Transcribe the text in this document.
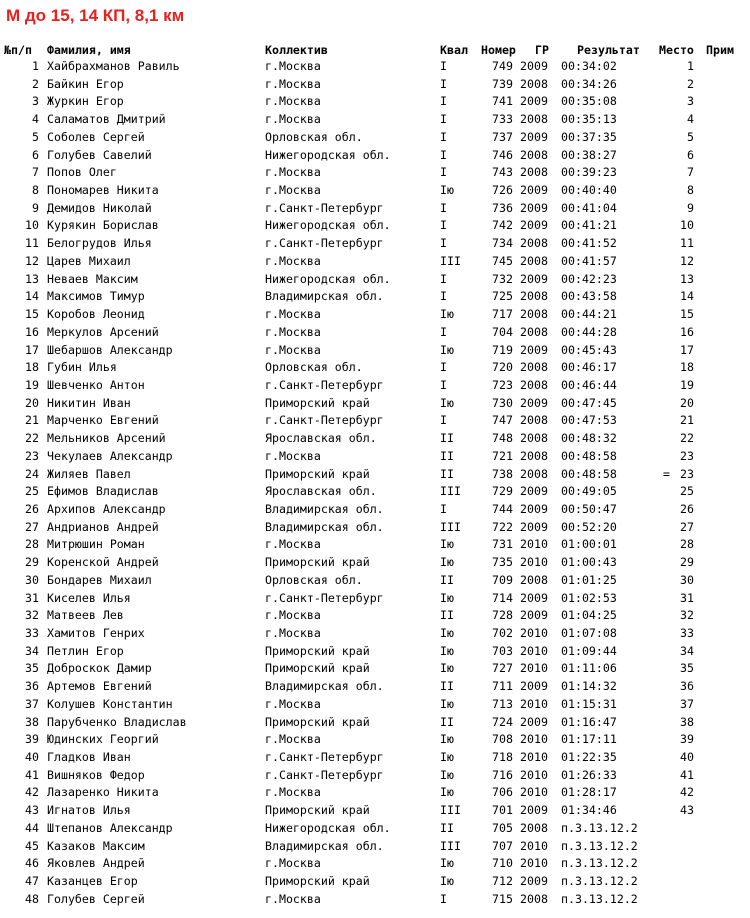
М до 15, 14 КП, 8,1 км
№п/п Фамилия, имя	Коллектив	Квал Номер ГР Результат Место Прим
1 Хайбрахманов Равиль	г.Москва	I	749 2009 00:34:02	1
2 Байкин Егор	г.Москва	I	739 2008 00:34:26	2
3 Журкин Егор	г.Москва	I	741 2009 00:35:08	3
4 Саламатов Дмитрий	г.Москва	I	733 2008 00:35:13	4
5 Соболев Сергей	Орловская обл.	I	737 2009 00:37:35	5
6 Голубев Савелий	Нижегородская обл.	I	746 2008 00:38:27	6
7 Попов Олег	г.Москва	I	743 2008 00:39:23	7
8 Пономарев Никита	г.Москва	Iю	726 2009 00:40:40	8
9 Демидов Николай	г.Санкт-Петербург	I	736 2009 00:41:04	9
10 Курякин Борислав	Нижегородская обл.	I	742 2009 00:41:21	10
11 Белогрудов Илья	г.Санкт-Петербург	I	734 2008 00:41:52	11
12 Царев Михаил	г.Москва	III	745 2008 00:41:57	12
13 Неваев Максим	Нижегородская обл.	I	732 2009 00:42:23	13
14 Максимов Тимур	Владимирская обл.	I	725 2008 00:43:58	14
15 Коробов Леонид	г.Москва	Iю	717 2008 00:44:21	15
16 Меркулов Арсений	г.Москва	I	704 2008 00:44:28	16
17 Шебаршов Александр	г.Москва	Iю	719 2009 00:45:43	17
18 Губин Илья	Орловская обл.	I	720 2008 00:46:17	18
19 Шевченко Антон	г.Санкт-Петербург	I	723 2008 00:46:44	19
20 Никитин Иван	Приморский край	Iю	730 2009 00:47:45	20
21 Марченко Евгений	г.Санкт-Петербург	I	747 2008 00:47:53	21
22 Мельников Арсений	Ярославская обл.	II	748 2008 00:48:32	22
23 Чекулаев Александр	г.Москва	II	721 2008 00:48:58	23
24 Жиляев Павел	Приморский край	II	738 2008 00:48:58	= 23
25 Ефимов Владислав	Ярославская обл.	III	729 2009 00:49:05	25
26 Архипов Александр	Владимирская обл.	I	744 2009 00:50:47	26
27 Андрианов Андрей	Владимирская обл.	III	722 2009 00:52:20	27
28 Митрюшин Роман	г.Москва	Iю	731 2010 01:00:01	28
29 Коренской Андрей	Приморский край	Iю	735 2010 01:00:43	29
30 Бондарев Михаил	Орловская обл.	II	709 2008 01:01:25	30
31 Киселев Илья	г.Санкт-Петербург	Iю	714 2009 01:02:53	31
32 Матвеев Лев	г.Москва	II	728 2009 01:04:25	32
33 Хамитов Генрих	г.Москва	Iю	702 2010 01:07:08	33
34 Петлин Егор	Приморский край	Iю	703 2010 01:09:44	34
35 Доброскок Дамир	Приморский край	Iю	727 2010 01:11:06	35
36 Артемов Евгений	Владимирская обл.	II	711 2009 01:14:32	36
37 Колушев Константин	г.Москва	Iю	713 2010 01:15:31	37
38 Парубченко Владислав	Приморский край	II	724 2009 01:16:47	38
39 Юдинских Георгий	г.Москва	Iю	708 2010 01:17:11	39
40 Гладков Иван	г.Санкт-Петербург	Iю	718 2010 01:22:35	40
41 Вишняков Федор	г.Санкт-Петербург	Iю	716 2010 01:26:33	41
42 Лазаренко Никита	г.Москва	Iю	706 2010 01:28:17	42
43 Игнатов Илья	Приморский край	III	701 2009 01:34:46	43
44 Штепанов Александр	Нижегородская обл.	II	705 2008 п.3.13.12.2
45 Казаков Максим	Владимирская обл.	III	707 2010 п.3.13.12.2
46 Яковлев Андрей	г.Москва	Iю	710 2010 п.3.13.12.2
47 Казанцев Егор	Приморский край	Iю	712 2009 п.3.13.12.2
48 Голубев Сергей	г.Москва	I	715 2008 п.3.13.12.2
